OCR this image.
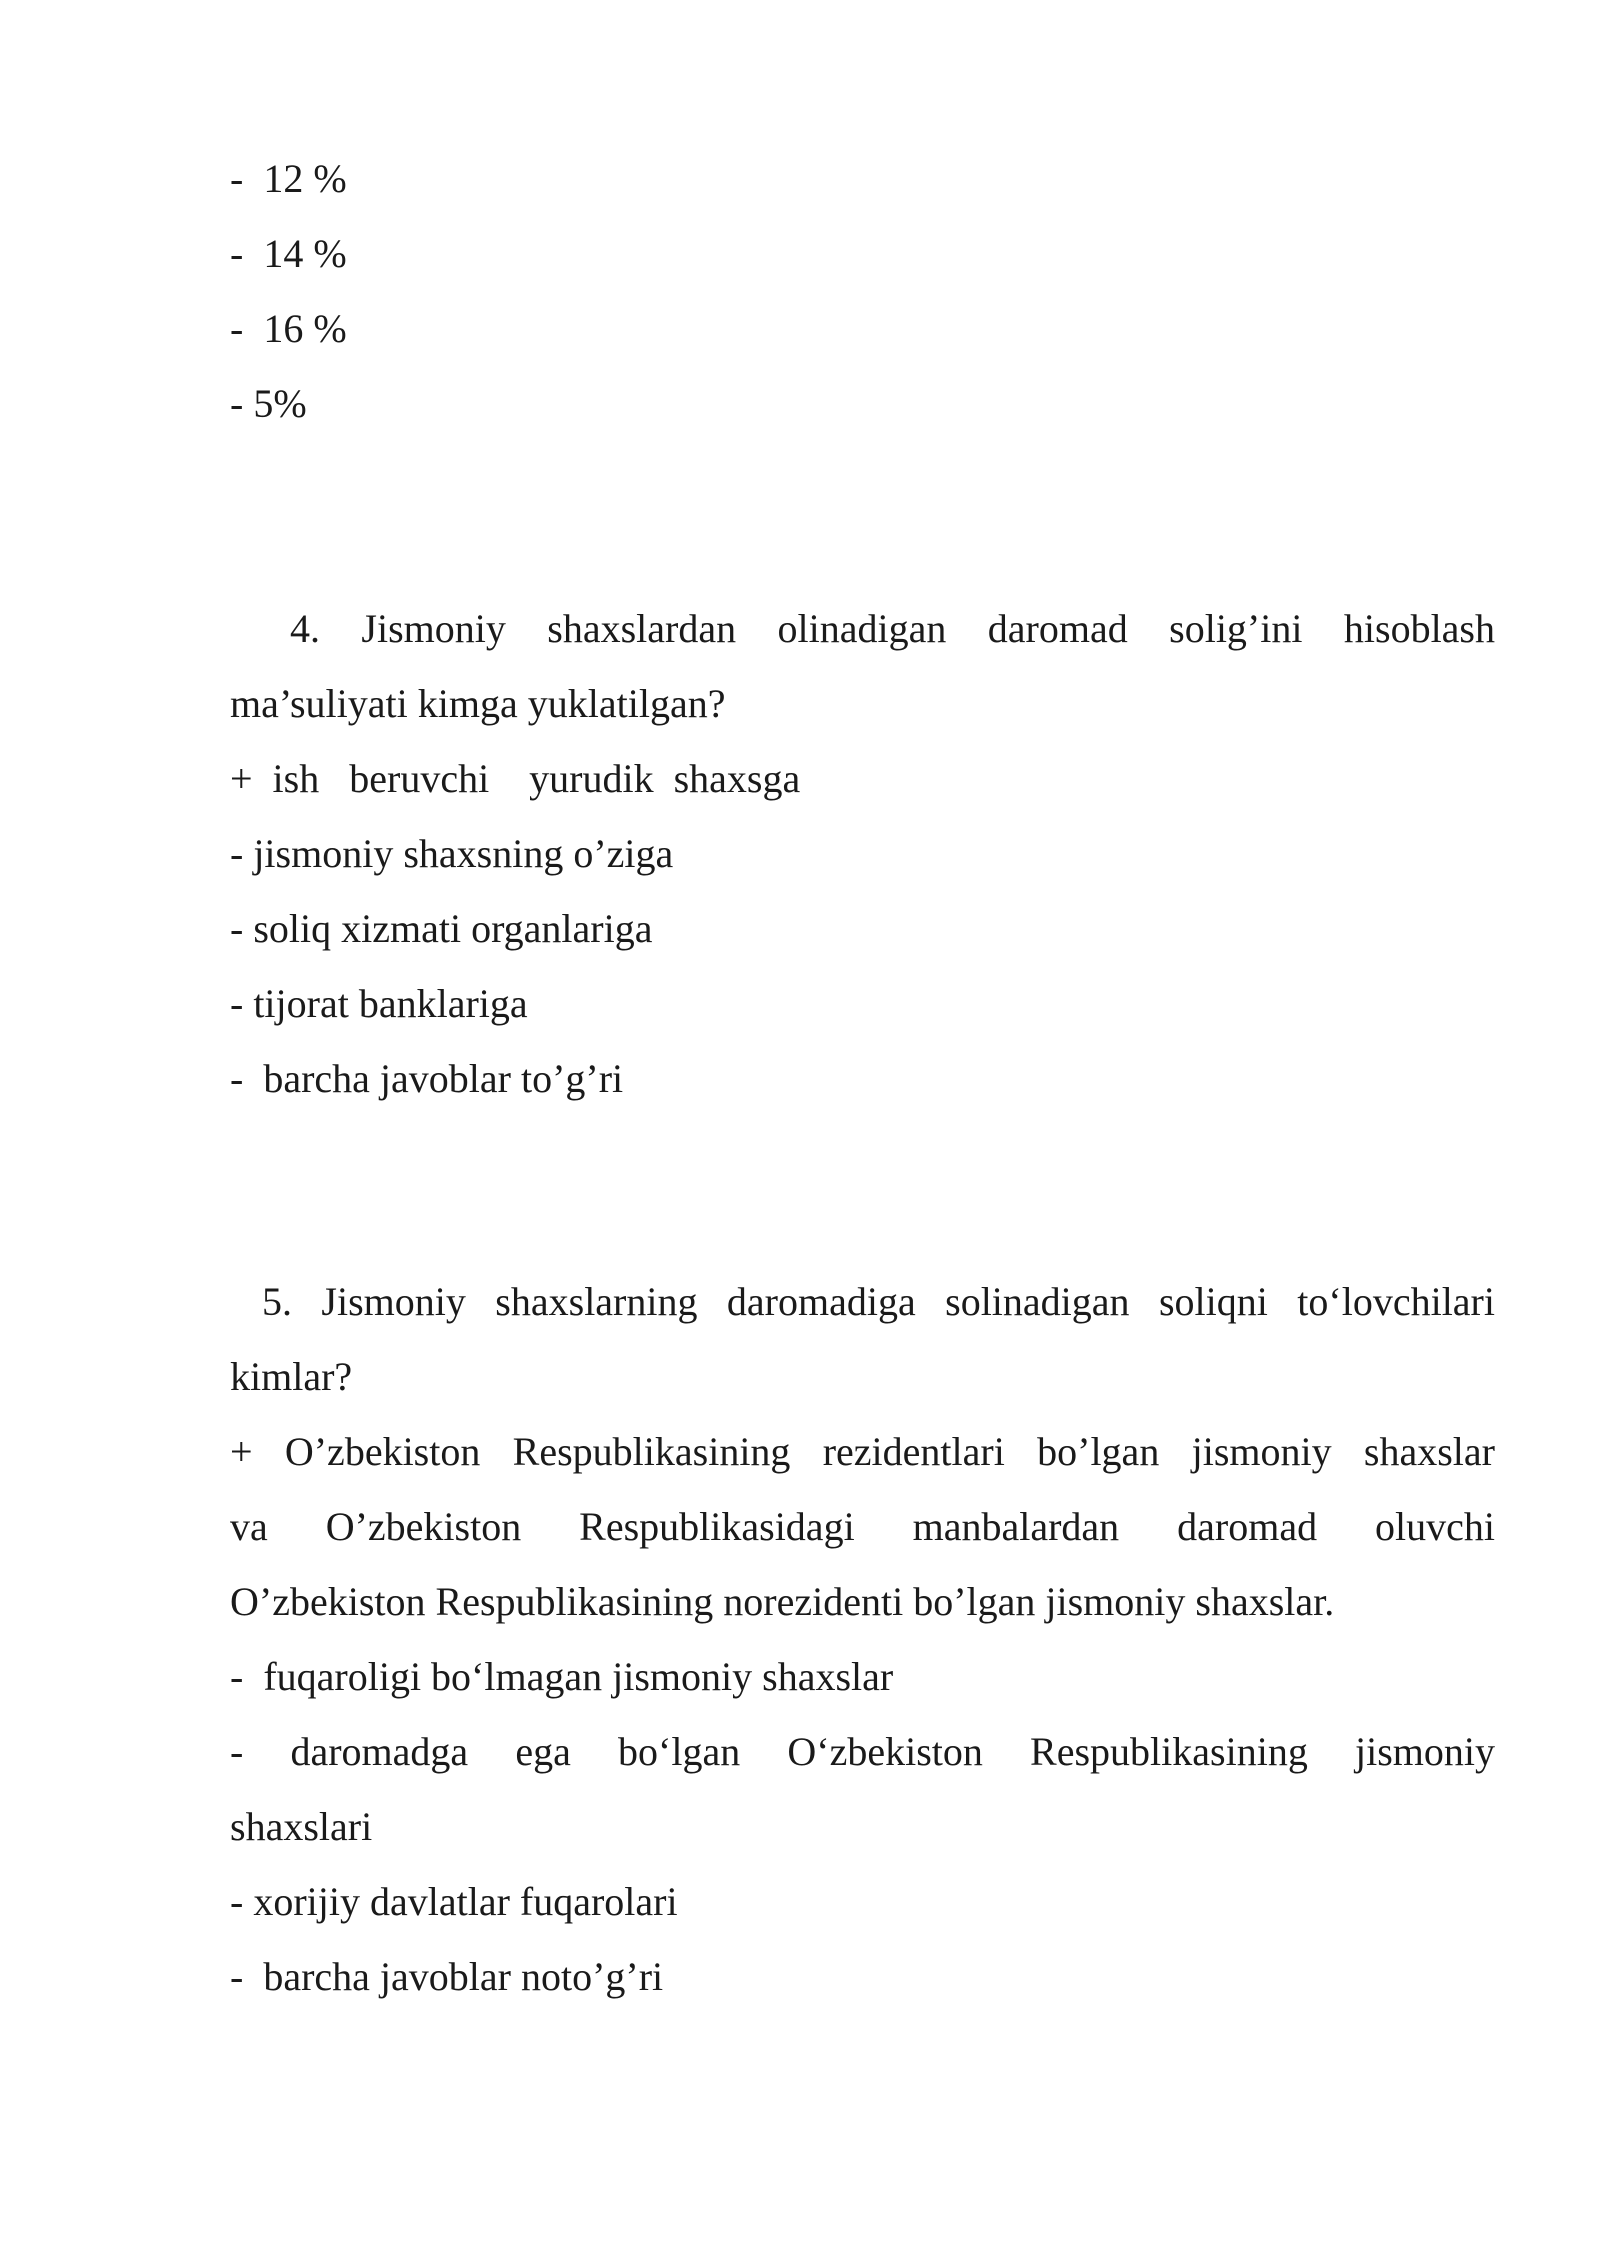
-  12 %
-  14 %
-  16 %
- 5%
4. Jismoniy shaxslardan olinadigan daromad solig’ini hisoblash
ma’suliyati kimga yuklatilgan?
+  ish   beruvchi    yurudik  shaxsga
- jismoniy shaxsning o’ziga
- soliq xizmati organlariga
- tijorat banklariga
-  barcha javoblar to’g’ri
5. Jismoniy shaxslarning daromadiga solinadigan soliqni to‘lovchilari
kimlar?
+ O’zbekiston Respublikasining rezidentlari bo’lgan jismoniy shaxslar
va O’zbekiston Respublikasidagi manbalardan daromad oluvchi
O’zbekiston Respublikasining norezidenti bo’lgan jismoniy shaxslar.
-  fuqaroligi bo‘lmagan jismoniy shaxslar
- daromadga ega bo‘lgan O‘zbekiston Respublikasining jismoniy
shaxslari
- xorijiy davlatlar fuqarolari
-  barcha javoblar noto’g’ri
